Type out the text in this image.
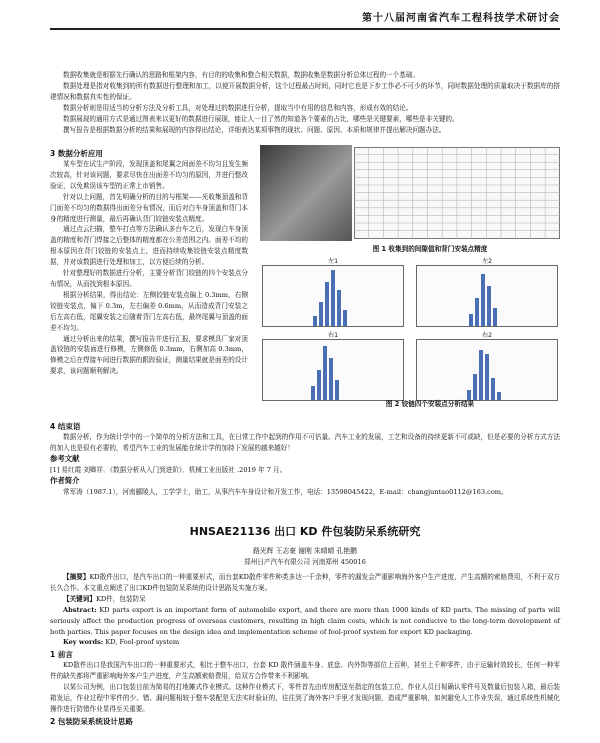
第十八届河南省汽车工程科技学术研讨会

数据收集就是根据先行确认的思路和框架内容，有目的的收集和整合相关数据，数据收集是数据分析总体过程的一个基础。

数据处理是指对收集到的所有数据进行整理和加工，以便开展数据分析，这个过程最占时间，同时它也是下步工作必不可少的环节，同时数据处理的质量取决于数据库的搭建情况和数据真实性的保证。

数据分析则是用适当的分析方法及分析工具，对处理过的数据进行分析，提取当中有用的信息和内容，形成有效的结论。

数据展现的通用方式是通过图表来以更好的数据进行展现，能让人一目了然的知道各个要素的占比，哪些是关键要素，哪些是非关键的。

撰写报告是根据数据分析的结果和展现的内容得出结论，详细表达某项事物的现状、问题、原因、本质和规律并提出解决问题办法。

3 数据分析应用

某车型在试生产阶段，发现顶盖和尾翼之间面差不均匀且发生频次较高，针对该问题，要求尽快在出面差不均匀的原因，并进行整改验证，以免欺误该车型的正常上市销售。

针对以上问题，首先明确分析的目的与框架——光收集顶盖和背门面差不均匀的数据得出面差分布情况，而后对白车身顶盖和背门本身的精度进行测量，最后再确认背门铰链安装点精度。

通过点云扫描，整车打点等方法确认多台车之后，发现白车身顶盖的精度和背门焊接之后整体的精度都在公差范围之内。面差不均的根本原因在背门铰链的安装点上，进而持续收集铰链安装点精度数据，并对该数据进行处理和加工，以方便后续的分析。

针对整理好的数据进行分析，主要分析背门铰链的四个安装点分布情况，从而找到根本原因。

根据分析结果，得出结论：左侧铰链安装点偏上 0.3mm，右侧铰链安装点，偏下 0.3m，左右偏差 0.6mm，从而造成背门安装之后左高右低，尾翼安装之后随着背门左高右低，最终尾翼与顶盖的面差不均匀。

通过分析出来的结果，撰写报告并进行汇报，要求模具厂家对顶盖铰链的安装面进行修模，左侧修低 0.3mm，右侧加高 0.3mm，修模之后在焊接车间进行数据的跟踪验证，测量结果就是面差的设计要求，该问题顺利解决。

图 1 收集到的间隙值和背门安装点精度
左1	左2
右1	右2
图 2 铰链四个安装点分析结果
4 结束语

数据分析，作为统计学中的一个简单的分析方法和工具，在日常工作中起到的作用不可估量。汽车工业的发展，工艺和设备的持续更新不可或缺，但是必要的分析方式方法的加入也是很有必要的，希望汽车工业的发展能在统计学的加持下发展的越来越好！

参考文献
[1] 易红霞 刘卿祥．《数据分析从入门到进阶》．机械工业出版社 .2019 年 7 月。
作者简介

常军涛（1987.1），河南郦陵人，工学学士，助工，从事汽车车身设计和开发工作，电话：13598045422，E-mail：changjuntao0112@163.com。

HNSAE21136 出口 KD 件包装防呆系统研究
路光辉 王志豪 谢刚 朱晴晴 孔艳鹏
郑州日产汽车有限公司 河南郑州 450016

【摘要】KD散件出口，是汽车出口的一种重要形式，而台套KD散件零件种类多达一千余种，零件的漏发会严重影响海外客户生产进度，产生高额的索赔费用，不利于双方长久合作。本文重点阐述了出口KD件包装防呆系统的设计思路及实施方案。

【关键词】KD件，包装防呆

Abstract: KD parts export is an important form of automobile export, and there are more than 1000 kinds of KD parts. The missing of parts will seriously affect the production progress of overseas customers, resulting in high claim costs, which is not conducive to the long-term development of both parties. This paper focuses on the design idea and implementation scheme of fool-proof system for export KD packaging.

Key words: KD, Fool-proof system

1 前言

KD散件出口是我国汽车出口的一种重要形式，相比于整车出口，台套 KD 散件涵盖车身、底盘、内外饰等部位上百种，甚至上千种零件，由于运输时效较长，任何一种零件的缺失都将严重影响海外客户生产进度，产生高额索赔费用，给双方合作带来不利影响。

以某公司为例，出口包装目前为简易的打地摊式作业模式。这种作业模式下，零件首先由库房配送至指定的包装工位，作业人员目视确认零件号及数量后包装入箱，最后装箱发运，作业过程中零件的少、错、漏问题相较于整车装配是无法实时验证的，往往到了海外客户手里才发现问题，造成严重影响，如何避免人工作业失误，通过系统性机械化操作进行防错作业显得至关重要。

2 包装防呆系统设计思路
